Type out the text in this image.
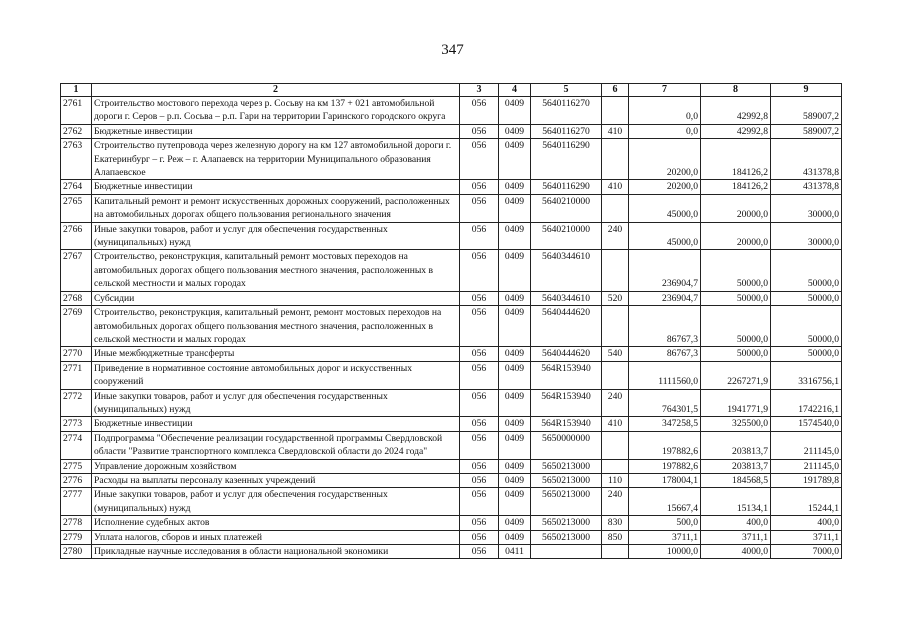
347
1	2	3	4	5	6	7	8	9
2761	Строительство мостового перехода через р. Сосьву на км 137 + 021 автомобильной дороги г. Серов – р.п. Сосьва – р.п. Гари на территории Гаринского городского округа	056	0409	5640116270		0,0	42992,8	589007,2
2762	Бюджетные инвестиции	056	0409	5640116270	410	0,0	42992,8	589007,2
2763	Строительство путепровода через железную дорогу на км 127 автомобильной дороги г. Екатеринбург – г. Реж – г. Алапаевск на территории Муниципального образования Алапаевское	056	0409	5640116290		20200,0	184126,2	431378,8
2764	Бюджетные инвестиции	056	0409	5640116290	410	20200,0	184126,2	431378,8
2765	Капитальный ремонт и ремонт искусственных дорожных сооружений, расположенных на автомобильных дорогах общего пользования регионального значения	056	0409	5640210000		45000,0	20000,0	30000,0
2766	Иные закупки товаров, работ и услуг для обеспечения государственных (муниципальных) нужд	056	0409	5640210000	240	45000,0	20000,0	30000,0
2767	Строительство, реконструкция, капитальный ремонт мостовых переходов на автомобильных дорогах общего пользования местного значения, расположенных в сельской местности и малых городах	056	0409	5640344610		236904,7	50000,0	50000,0
2768	Субсидии	056	0409	5640344610	520	236904,7	50000,0	50000,0
2769	Строительство, реконструкция, капитальный ремонт, ремонт мостовых переходов на автомобильных дорогах общего пользования местного значения, расположенных в сельской местности и малых городах	056	0409	5640444620		86767,3	50000,0	50000,0
2770	Иные межбюджетные трансферты	056	0409	5640444620	540	86767,3	50000,0	50000,0
2771	Приведение в нормативное состояние автомобильных дорог и искусственных сооружений	056	0409	564R153940		1111560,0	2267271,9	3316756,1
2772	Иные закупки товаров, работ и услуг для обеспечения государственных (муниципальных) нужд	056	0409	564R153940	240	764301,5	1941771,9	1742216,1
2773	Бюджетные инвестиции	056	0409	564R153940	410	347258,5	325500,0	1574540,0
2774	Подпрограмма "Обеспечение реализации государственной программы Свердловской области "Развитие транспортного комплекса Свердловской области до 2024 года"	056	0409	5650000000		197882,6	203813,7	211145,0
2775	Управление дорожным хозяйством	056	0409	5650213000		197882,6	203813,7	211145,0
2776	Расходы на выплаты персоналу казенных учреждений	056	0409	5650213000	110	178004,1	184568,5	191789,8
2777	Иные закупки товаров, работ и услуг для обеспечения государственных (муниципальных) нужд	056	0409	5650213000	240	15667,4	15134,1	15244,1
2778	Исполнение судебных актов	056	0409	5650213000	830	500,0	400,0	400,0
2779	Уплата налогов, сборов и иных платежей	056	0409	5650213000	850	3711,1	3711,1	3711,1
2780	Прикладные научные исследования в области национальной экономики	056	0411			10000,0	4000,0	7000,0
